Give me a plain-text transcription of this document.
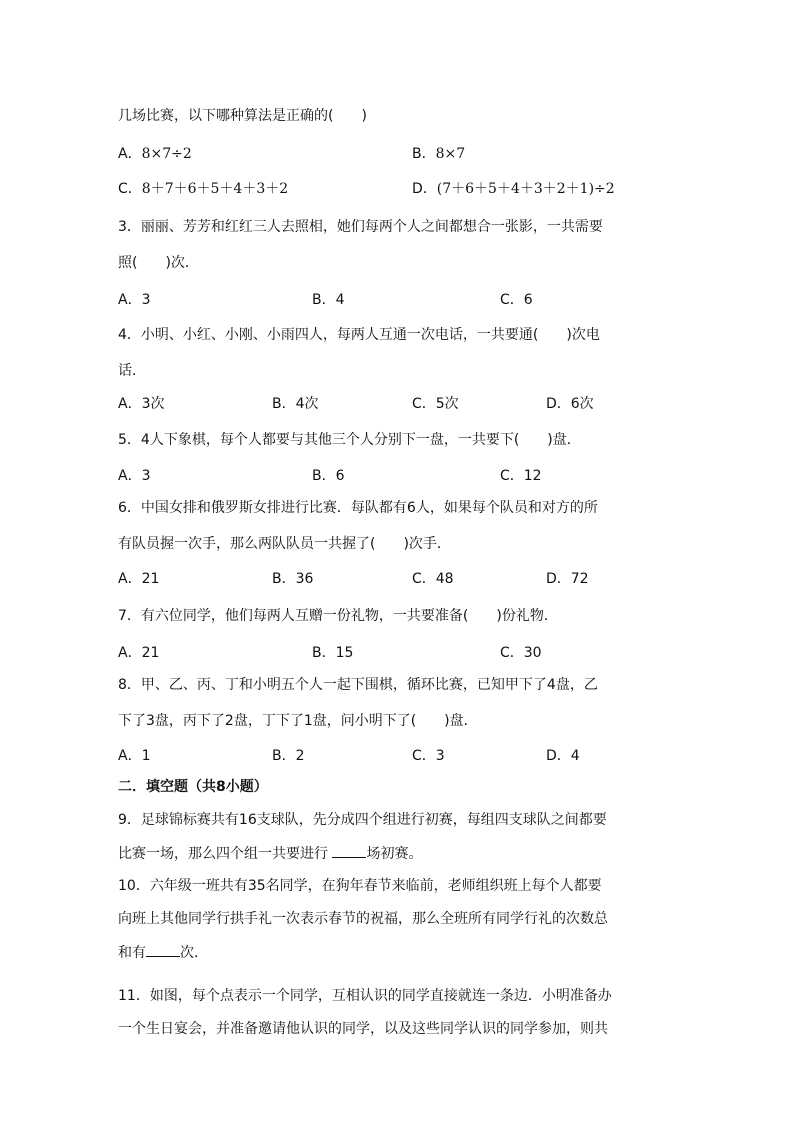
几场比赛，以下哪种算法是正确的(　　)
A．8×7÷2	B．8×7
C．8＋7＋6＋5＋4＋3＋2	D．(7＋6＋5＋4＋3＋2＋1)÷2
3．丽丽、芳芳和红红三人去照相，她们每两个人之间都想合一张影，一共需要
照(　　)次．
A．3	B．4	C．6
4．小明、小红、小刚、小雨四人，每两人互通一次电话，一共要通(　　)次电
话．
A．3次	B．4次	C．5次	D．6次
5．4人下象棋，每个人都要与其他三个人分别下一盘，一共要下(　　)盘．
A．3	B．6	C．12
6．中国女排和俄罗斯女排进行比赛．每队都有6人，如果每个队员和对方的所
有队员握一次手，那么两队队员一共握了(　　)次手．
A．21	B．36	C．48	D．72
7．有六位同学，他们每两人互赠一份礼物，一共要准备(　　)份礼物．
A．21	B．15	C．30
8．甲、乙、丙、丁和小明五个人一起下围棋，循环比赛，已知甲下了4盘，乙
下了3盘，丙下了2盘，丁下了1盘，问小明下了(　　)盘．
A．1	B．2	C．3	D．4
二．填空题（共8小题）
9．足球锦标赛共有16支球队，先分成四个组进行初赛，每组四支球队之间都要
比赛一场，那么四个组一共要进行 场初赛。
10．六年级一班共有35名同学，在狗年春节来临前，老师组织班上每个人都要
向班上其他同学行拱手礼一次表示春节的祝福，那么全班所有同学行礼的次数总
和有 次．
11．如图，每个点表示一个同学，互相认识的同学直接就连一条边．小明准备办
一个生日宴会，并准备邀请他认识的同学，以及这些同学认识的同学参加，则共
